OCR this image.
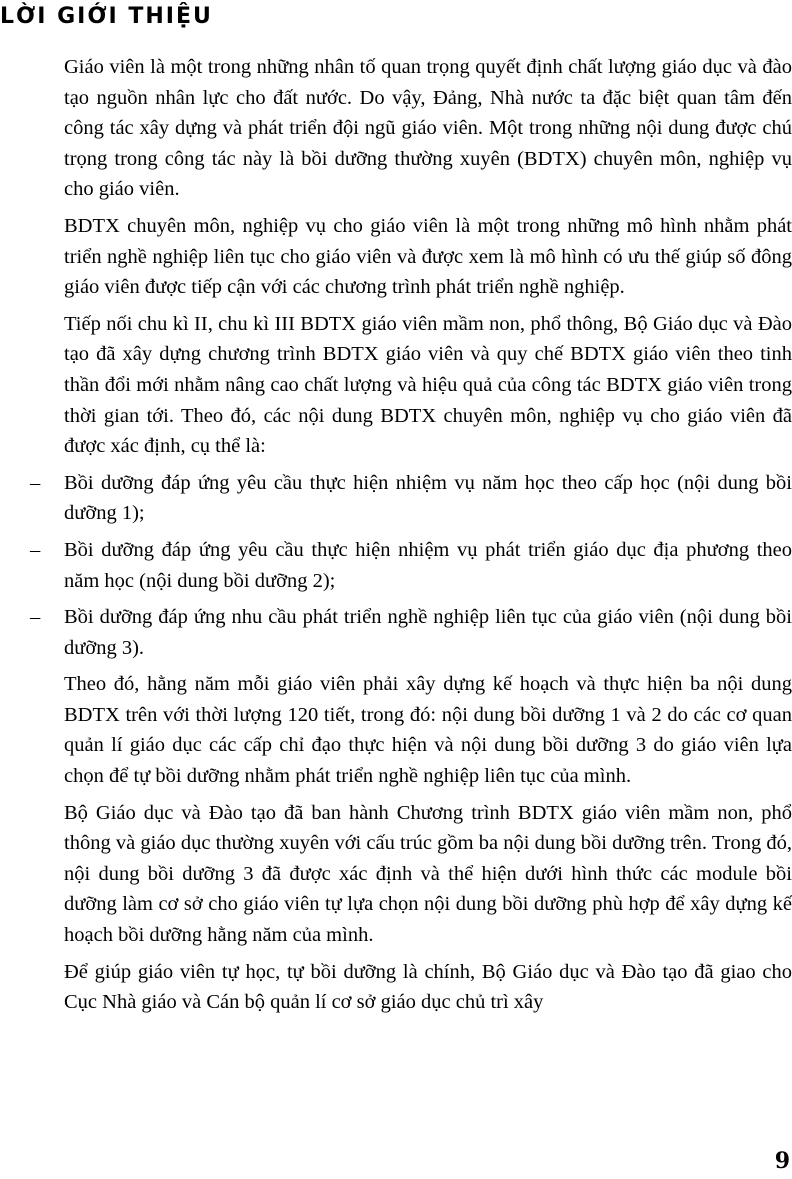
LỜI GIỚI THIỆU

Giáo viên là một trong những nhân tố quan trọng quyết định chất lượng giáo dục và đào tạo nguồn nhân lực cho đất nước. Do vậy, Đảng, Nhà nước ta đặc biệt quan tâm đến công tác xây dựng và phát triển đội ngũ giáo viên. Một trong những nội dung được chú trọng trong công tác này là bồi dưỡng thường xuyên (BDTX) chuyên môn, nghiệp vụ cho giáo viên.

BDTX chuyên môn, nghiệp vụ cho giáo viên là một trong những mô hình nhằm phát triển nghề nghiệp liên tục cho giáo viên và được xem là mô hình có ưu thế giúp số đông giáo viên được tiếp cận với các chương trình phát triển nghề nghiệp.

Tiếp nối chu kì II, chu kì III BDTX giáo viên mầm non, phổ thông, Bộ Giáo dục và Đào tạo đã xây dựng chương trình BDTX giáo viên và quy chế BDTX giáo viên theo tinh thần đổi mới nhằm nâng cao chất lượng và hiệu quả của công tác BDTX giáo viên trong thời gian tới. Theo đó, các nội dung BDTX chuyên môn, nghiệp vụ cho giáo viên đã được xác định, cụ thể là:

– Bồi dưỡng đáp ứng yêu cầu thực hiện nhiệm vụ năm học theo cấp học (nội dung bồi dưỡng 1);
– Bồi dưỡng đáp ứng yêu cầu thực hiện nhiệm vụ phát triển giáo dục địa phương theo năm học (nội dung bồi dưỡng 2);
– Bồi dưỡng đáp ứng nhu cầu phát triển nghề nghiệp liên tục của giáo viên (nội dung bồi dưỡng 3).

Theo đó, hằng năm mỗi giáo viên phải xây dựng kế hoạch và thực hiện ba nội dung BDTX trên với thời lượng 120 tiết, trong đó: nội dung bồi dưỡng 1 và 2 do các cơ quan quản lí giáo dục các cấp chỉ đạo thực hiện và nội dung bồi dưỡng 3 do giáo viên lựa chọn để tự bồi dưỡng nhằm phát triển nghề nghiệp liên tục của mình.

Bộ Giáo dục và Đào tạo đã ban hành Chương trình BDTX giáo viên mầm non, phổ thông và giáo dục thường xuyên với cấu trúc gồm ba nội dung bồi dưỡng trên. Trong đó, nội dung bồi dưỡng 3 đã được xác định và thể hiện dưới hình thức các module bồi dưỡng làm cơ sở cho giáo viên tự lựa chọn nội dung bồi dưỡng phù hợp để xây dựng kế hoạch bồi dưỡng hằng năm của mình.

Để giúp giáo viên tự học, tự bồi dưỡng là chính, Bộ Giáo dục và Đào tạo đã giao cho Cục Nhà giáo và Cán bộ quản lí cơ sở giáo dục chủ trì xây

9
